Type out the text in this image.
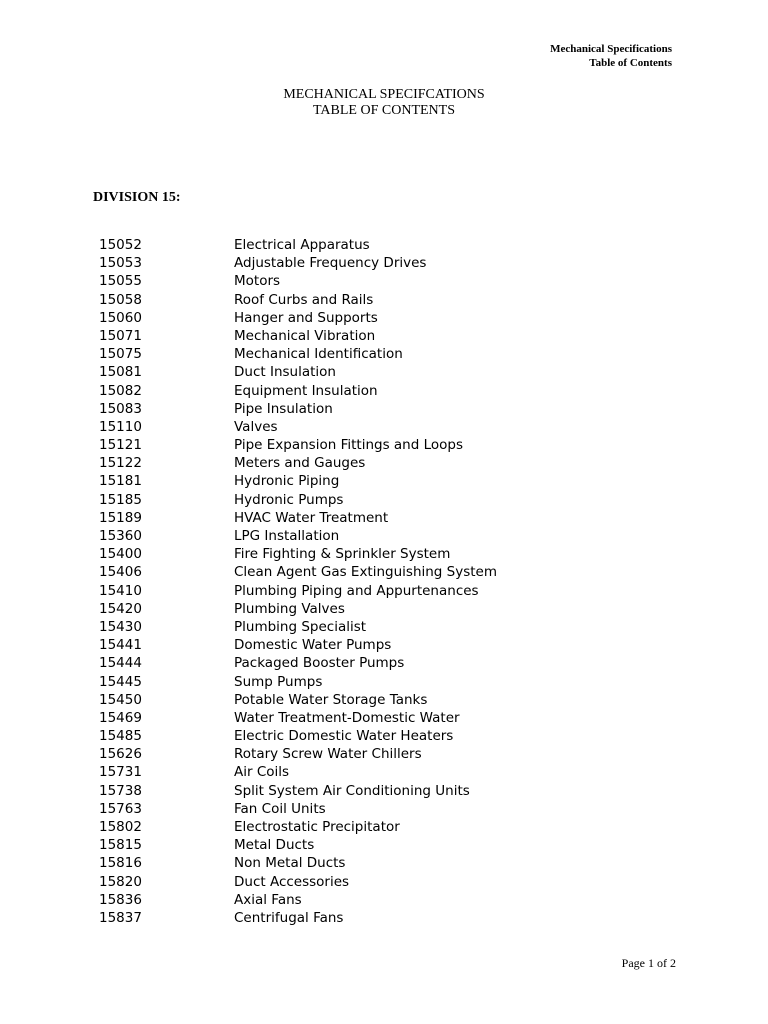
Mechanical Specifications
Table of Contents
MECHANICAL SPECIFCATIONS
TABLE OF CONTENTS
DIVISION 15:
15052	Electrical Apparatus
15053	Adjustable Frequency Drives
15055	Motors
15058	Roof Curbs and Rails
15060	Hanger and Supports
15071	Mechanical Vibration
15075	Mechanical Identification
15081	Duct Insulation
15082	Equipment Insulation
15083	Pipe Insulation
15110	Valves
15121	Pipe Expansion Fittings and Loops
15122	Meters and Gauges
15181	Hydronic Piping
15185	Hydronic Pumps
15189	HVAC Water Treatment
15360	LPG Installation
15400	Fire Fighting & Sprinkler System
15406	Clean Agent Gas Extinguishing System
15410	Plumbing Piping and Appurtenances
15420	Plumbing Valves
15430	Plumbing Specialist
15441	Domestic Water Pumps
15444	Packaged Booster Pumps
15445	Sump Pumps
15450	Potable Water Storage Tanks
15469	Water Treatment-Domestic Water
15485	Electric Domestic Water Heaters
15626	Rotary Screw Water Chillers
15731	Air Coils
15738	Split System Air Conditioning Units
15763	Fan Coil Units
15802	Electrostatic Precipitator
15815	Metal Ducts
15816	Non Metal Ducts
15820	Duct Accessories
15836	Axial Fans
15837	Centrifugal Fans
Page 1 of 2
